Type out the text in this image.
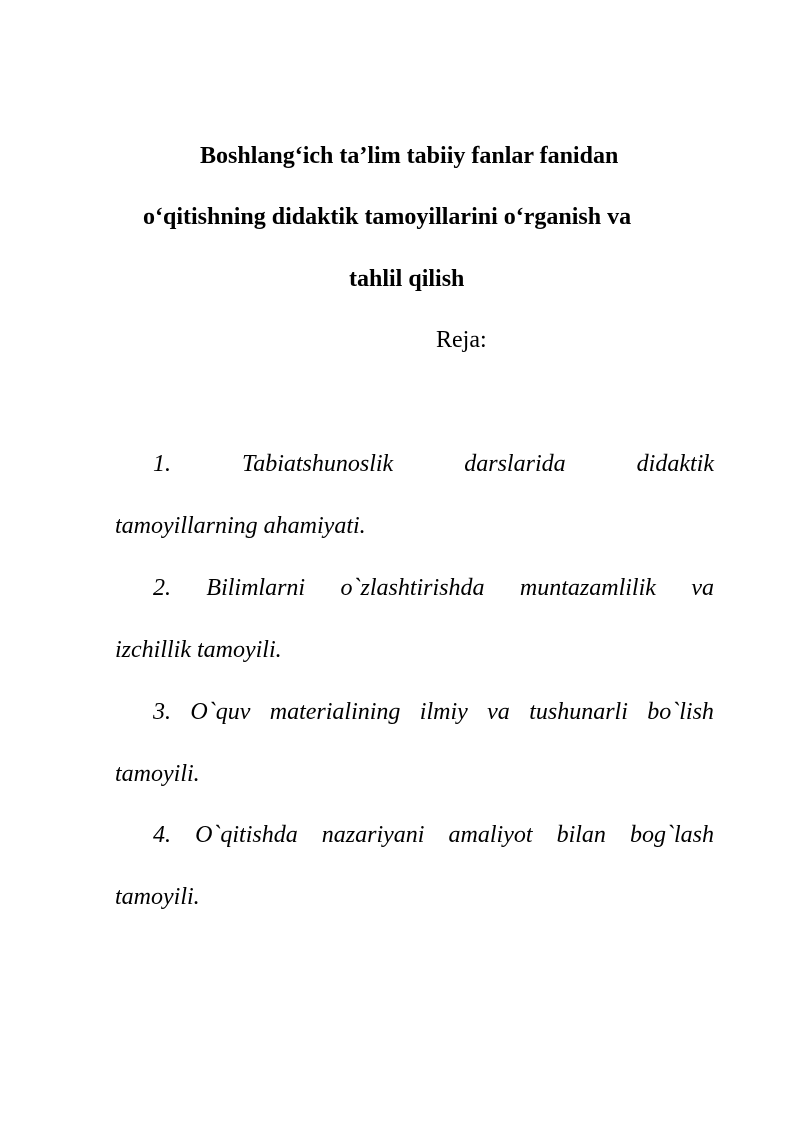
Boshlang‘ich ta’lim tabiiy fanlar fanidan
o‘qitishning didaktik tamoyillarini o‘rganish va
tahlil qilish
Reja:
1.	Tabiatshunoslik	darslarida	didaktik
tamoyillarning ahamiyati.
2. Bilimlarni o`zlashtirishda muntazamlilik va
izchillik tamoyili.
3. O`quv materialining ilmiy va tushunarli bo`lish
tamoyili.
4. O`qitishda nazariyani amaliyot bilan bog`lash
tamoyili.
